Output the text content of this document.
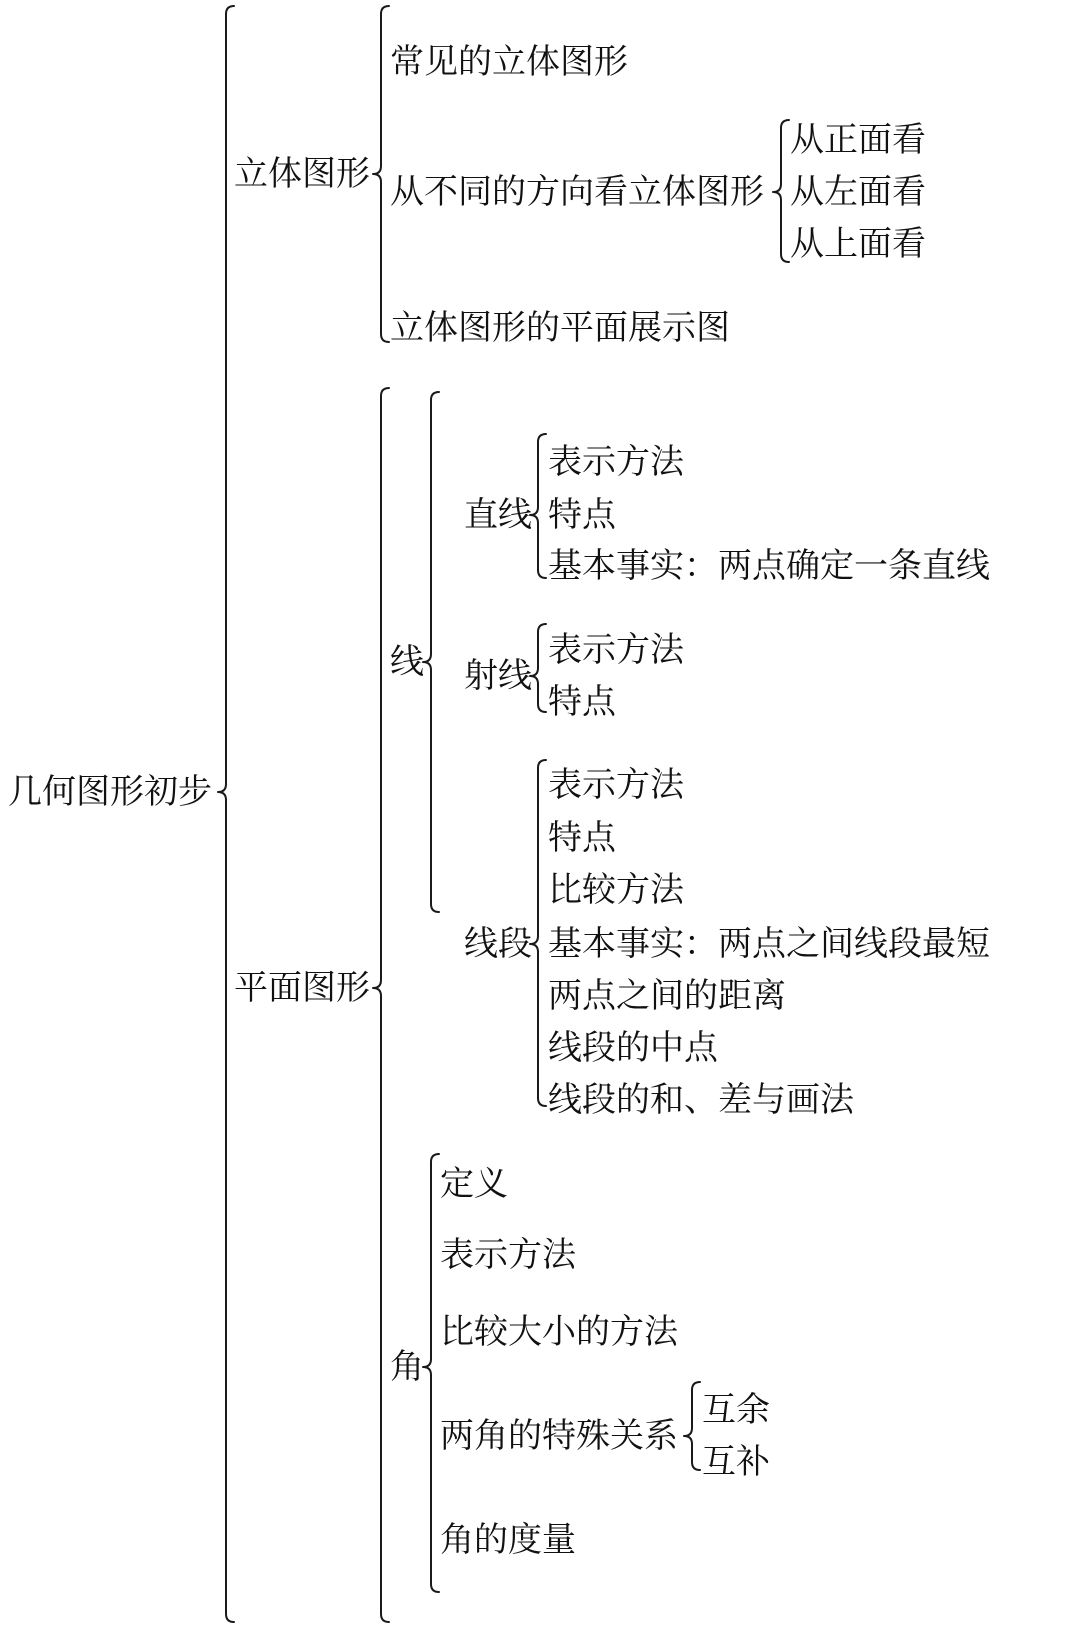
几何图形初步
立体图形
平面图形
常见的立体图形
从不同的方向看立体图形
从正面看
从左面看
从上面看
立体图形的平面展示图
线
直线
表示方法
特点
基本事实：两点确定一条直线
射线
表示方法
特点
线段
表示方法
特点
比较方法
基本事实：两点之间线段最短
两点之间的距离
线段的中点
线段的和、差与画法
角
定义
表示方法
比较大小的方法
两角的特殊关系
互余
互补
角的度量
